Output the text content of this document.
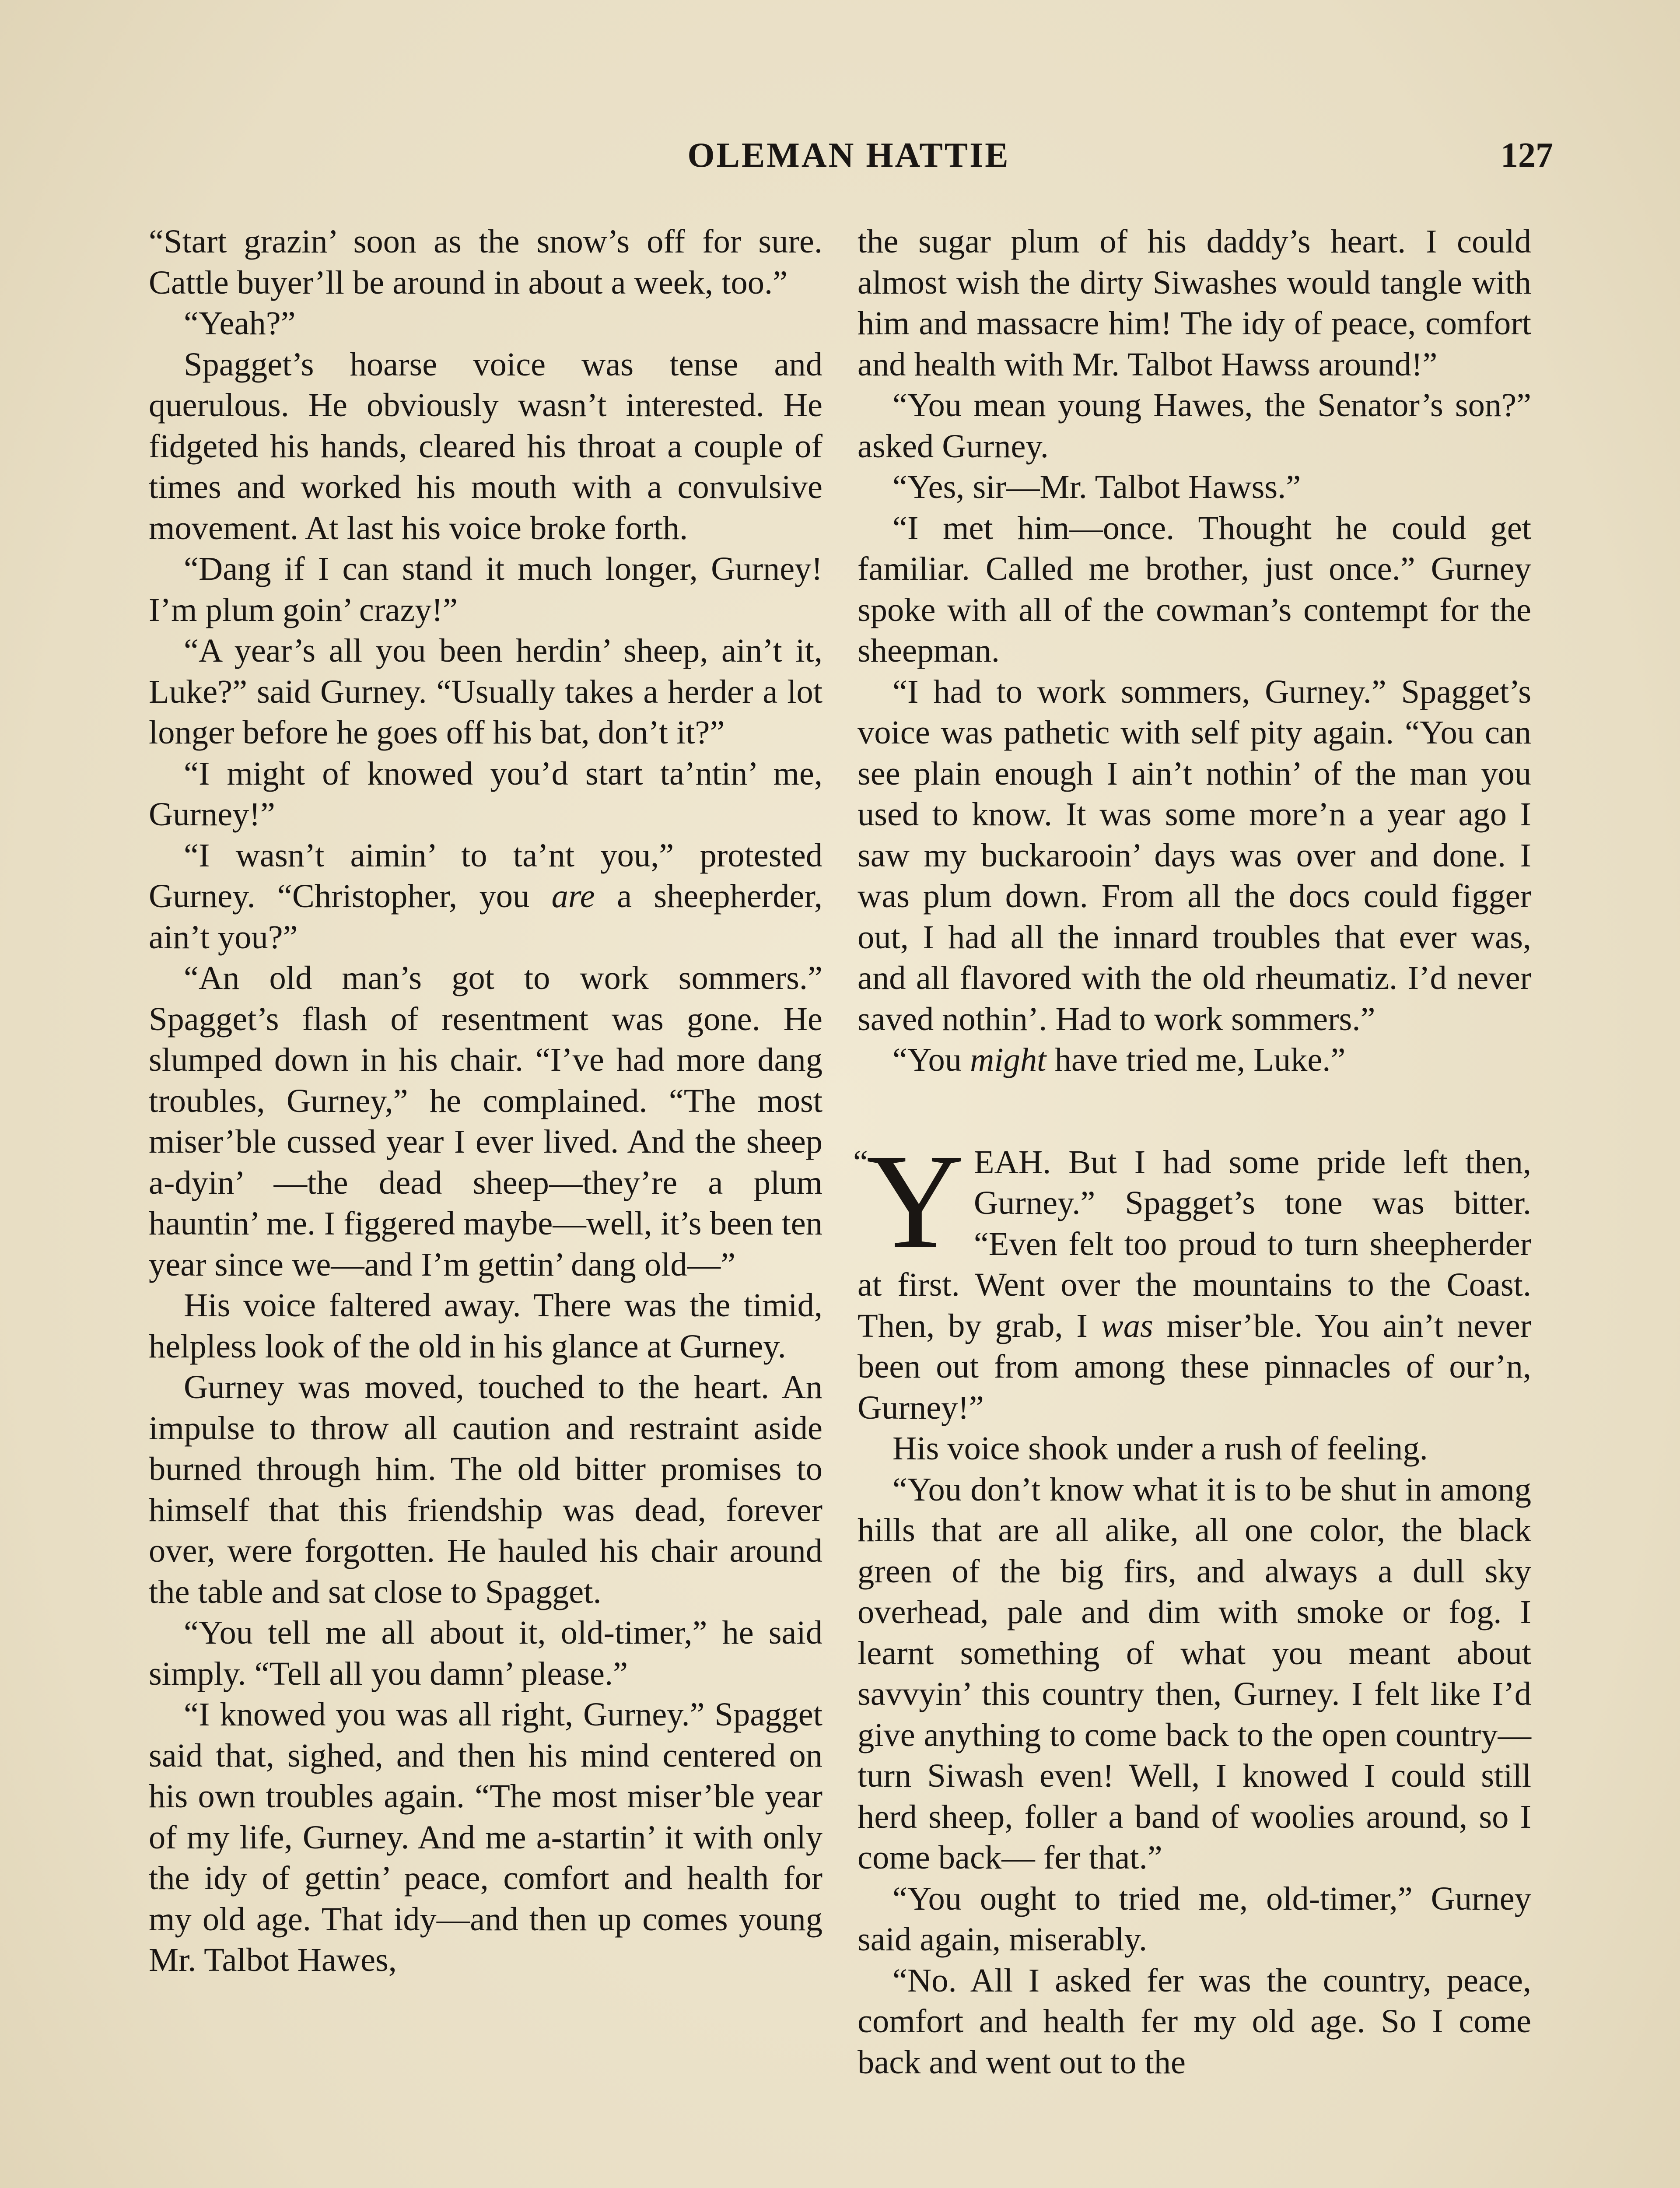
OLEMAN HATTIE	127

“Start grazin’ soon as the snow’s off for sure. Cattle buyer’ll be around in about a week, too.”

“Yeah?”

Spagget’s hoarse voice was tense and querulous. He obviously wasn’t interested. He fidgeted his hands, cleared his throat a couple of times and worked his mouth with a convulsive movement. At last his voice broke forth.

“Dang if I can stand it much longer, Gurney! I’m plum goin’ crazy!”

“A year’s all you been herdin’ sheep, ain’t it, Luke?” said Gurney. “Usually takes a herder a lot longer before he goes off his bat, don’t it?”

“I might of knowed you’d start ta’ntin’ me, Gurney!”

“I wasn’t aimin’ to ta’nt you,” protested Gurney. “Christopher, you are a sheepherder, ain’t you?”

“An old man’s got to work sommers.” Spagget’s flash of resentment was gone. He slumped down in his chair. “I’ve had more dang troubles, Gurney,” he complained. “The most miser’ble cussed year I ever lived. And the sheep a-dyin’ —the dead sheep—they’re a plum hauntin’ me. I figgered maybe—well, it’s been ten year since we—and I’m gettin’ dang old—”

His voice faltered away. There was the timid, helpless look of the old in his glance at Gurney.

Gurney was moved, touched to the heart. An impulse to throw all caution and restraint aside burned through him. The old bitter promises to himself that this friendship was dead, forever over, were forgotten. He hauled his chair around the table and sat close to Spagget.

“You tell me all about it, old-timer,” he said simply. “Tell all you damn’ please.”

“I knowed you was all right, Gurney.” Spagget said that, sighed, and then his mind centered on his own troubles again. “The most miser’ble year of my life, Gurney. And me a-startin’ it with only the idy of gettin’ peace, comfort and health for my old age. That idy—and then up comes young Mr. Talbot Hawes,

the sugar plum of his daddy’s heart. I could almost wish the dirty Siwashes would tangle with him and massacre him! The idy of peace, comfort and health with Mr. Talbot Hawss around!”

“You mean young Hawes, the Senator’s son?” asked Gurney.

“Yes, sir—Mr. Talbot Hawss.”

“I met him—once. Thought he could get familiar. Called me brother, just once.” Gurney spoke with all of the cowman’s contempt for the sheepman.

“I had to work sommers, Gurney.” Spagget’s voice was pathetic with self pity again. “You can see plain enough I ain’t nothin’ of the man you used to know. It was some more’n a year ago I saw my buckarooin’ days was over and done. I was plum down. From all the docs could figger out, I had all the innard troubles that ever was, and all flavored with the old rheumatiz. I’d never saved nothin’. Had to work sommers.”

“You might have tried me, Luke.”

“
Y EAH. But I had some pride left then, Gurney.” Spagget’s tone was bitter. “Even felt too proud to turn sheepherder at first. Went over the mountains to the Coast. Then, by grab, I was miser’ble. You ain’t never been out from among these pinnacles of our’n, Gurney!”

His voice shook under a rush of feeling.

“You don’t know what it is to be shut in among hills that are all alike, all one color, the black green of the big firs, and always a dull sky overhead, pale and dim with smoke or fog. I learnt something of what you meant about savvyin’ this country then, Gurney. I felt like I’d give anything to come back to the open country—turn Siwash even! Well, I knowed I could still herd sheep, foller a band of woolies around, so I come back— fer that.”

“You ought to tried me, old-timer,” Gurney said again, miserably.

“No. All I asked fer was the country, peace, comfort and health fer my old age. So I come back and went out to the
